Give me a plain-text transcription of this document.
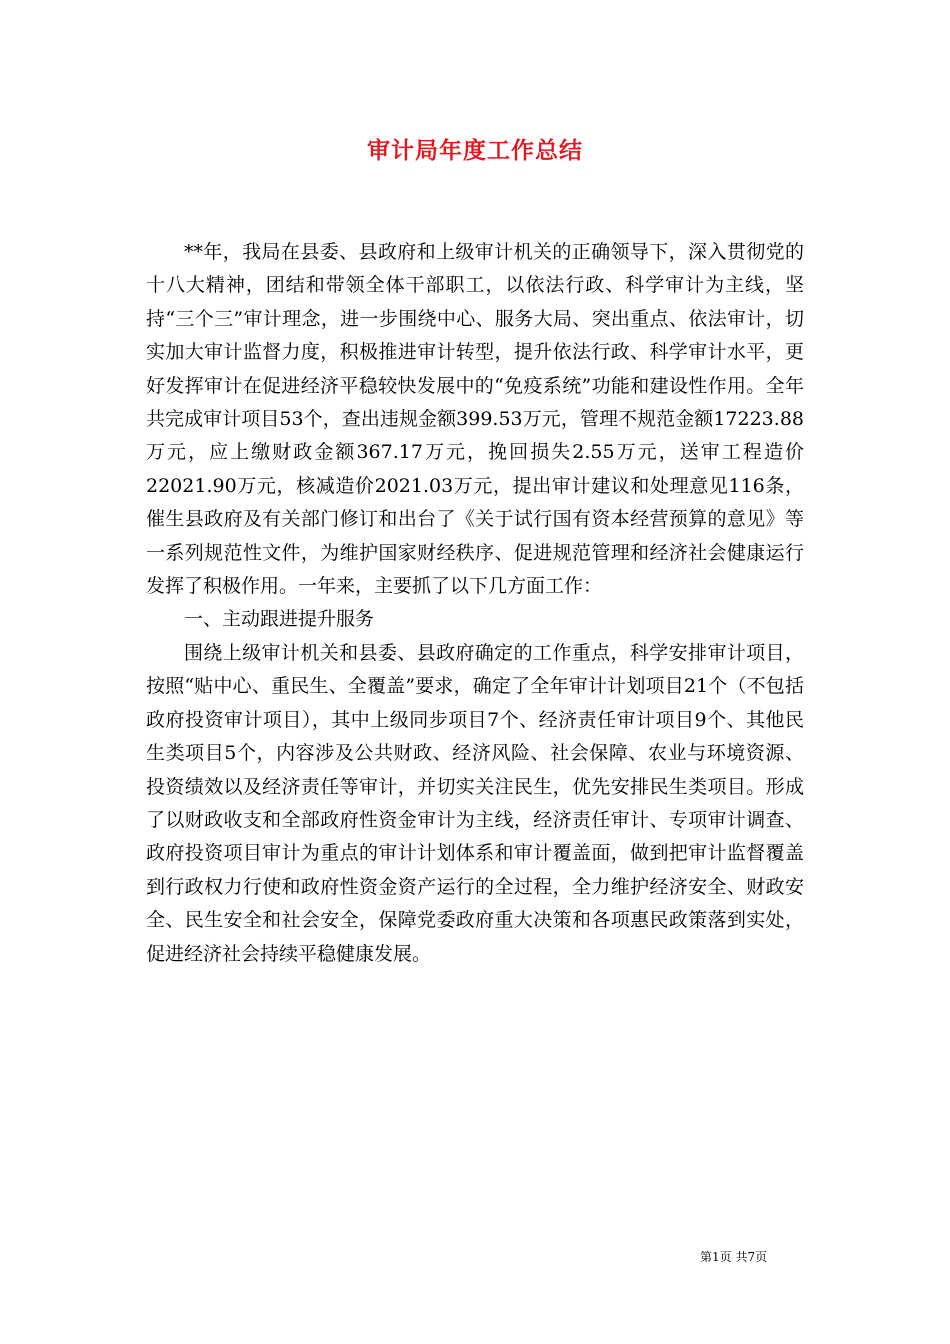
审计局年度工作总结

**年，我局在县委、县政府和上级审计机关的正确领导下，深入贯彻党的十八大精神，团结和带领全体干部职工，以依法行政、科学审计为主线，坚持“三个三”审计理念，进一步围绕中心、服务大局、突出重点、依法审计，切实加大审计监督力度，积极推进审计转型，提升依法行政、科学审计水平，更好发挥审计在促进经济平稳较快发展中的“免疫系统”功能和建设性作用。全年共完成审计项目53个，查出违规金额399.53万元，管理不规范金额17223.88万元，应上缴财政金额367.17万元，挽回损失2.55万元，送审工程造价22021.90万元，核减造价2021.03万元，提出审计建议和处理意见116条，催生县政府及有关部门修订和出台了《关于试行国有资本经营预算的意见》等一系列规范性文件，为维护国家财经秩序、促进规范管理和经济社会健康运行发挥了积极作用。一年来，主要抓了以下几方面工作：

一、主动跟进提升服务

围绕上级审计机关和县委、县政府确定的工作重点，科学安排审计项目，按照“贴中心、重民生、全覆盖”要求，确定了全年审计计划项目21个（不包括政府投资审计项目），其中上级同步项目7个、经济责任审计项目9个、其他民生类项目5个，内容涉及公共财政、经济风险、社会保障、农业与环境资源、投资绩效以及经济责任等审计，并切实关注民生，优先安排民生类项目。形成了以财政收支和全部政府性资金审计为主线，经济责任审计、专项审计调查、政府投资项目审计为重点的审计计划体系和审计覆盖面，做到把审计监督覆盖到行政权力行使和政府性资金资产运行的全过程，全力维护经济安全、财政安全、民生安全和社会安全，保障党委政府重大决策和各项惠民政策落到实处，促进经济社会持续平稳健康发展。

第1页 共7页
